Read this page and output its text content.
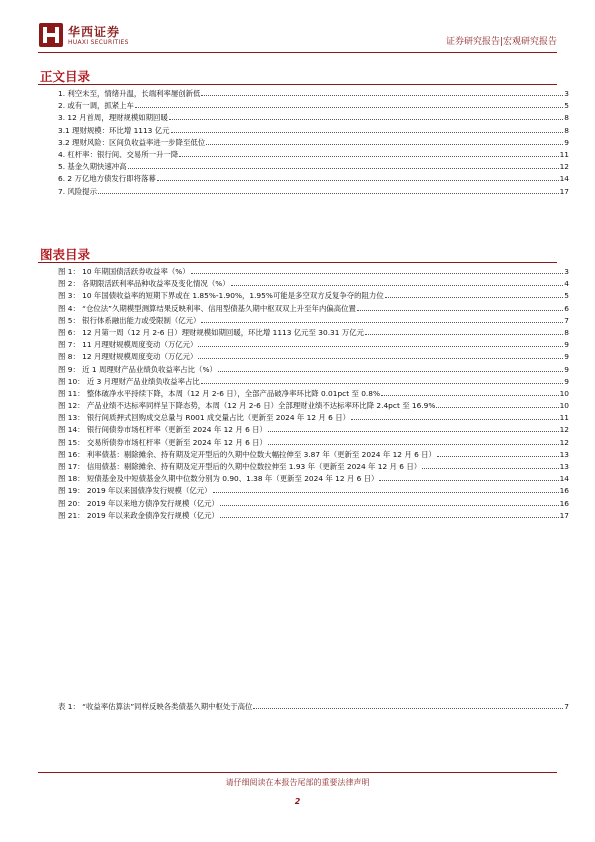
华西证券
HUAXI SECURITIES	证券研究报告|宏观研究报告
正文目录
1. 利空未至，情绪升温，长端利率屡创新低	3
2. 或有一调，抓紧上车	5
3. 12 月首周，理财规模如期回暖	8
3.1 理财规模：环比增 1113 亿元	8
3.2 理财风险：区间负收益率进一步降至低位	9
4. 杠杆率：银行间、交易所一升一降	11
5. 基金久期快速冲高	12
6. 2 万亿地方债发行即将落幕	14
7. 风险提示	17
图表目录
图 1： 10 年期国债活跃券收益率（%）	3
图 2： 各期限活跃利率品种收益率及变化情况（%）	4
图 3： 10 年国债收益率的短期下界或在 1.85%-1.90%，1.95%可能是多空双方反复争夺的阻力位	5
图 4： “仓位法”久期模型测算结果反映利率、信用型债基久期中枢双双上升至年内偏高位置	6
图 5： 银行体系融出能力或受限制（亿元）	7
图 6： 12 月第一周（12 月 2-6 日）理财规模如期回暖，环比增 1113 亿元至 30.31 万亿元	8
图 7： 11 月理财规模周度变动（万亿元）	9
图 8： 12 月理财规模周度变动（万亿元）	9
图 9： 近 1 周理财产品业绩负收益率占比（%）	9
图 10： 近 3 月理财产品业绩负收益率占比	9
图 11： 整体破净水平持续下降，本周（12 月 2-6 日），全部产品破净率环比降 0.01pct 至 0.8%	10
图 12： 产品业绩不达标率同样呈下降态势，本周（12 月 2-6 日）全部理财业绩不达标率环比降 2.4pct 至 16.9%	10
图 13： 银行间质押式回购成交总量与 R001 成交量占比（更新至 2024 年 12 月 6 日）	11
图 14： 银行间债券市场杠杆率（更新至 2024 年 12 月 6 日）	12
图 15： 交易所债券市场杠杆率（更新至 2024 年 12 月 6 日）	12
图 16： 利率债基：剔除摊余、持有期及定开型后的久期中位数大幅拉伸至 3.87 年（更新至 2024 年 12 月 6 日）	13
图 17： 信用债基：剔除摊余、持有期及定开型后的久期中位数拉伸至 1.93 年（更新至 2024 年 12 月 6 日）	13
图 18： 短债基金及中短债基金久期中位数分别为 0.90、1.38 年（更新至 2024 年 12 月 6 日）	14
图 19： 2019 年以来国债净发行规模（亿元）	16
图 20： 2019 年以来地方债净发行规模（亿元）	16
图 21： 2019 年以来政金债净发行规模（亿元）	17
表 1： “收益率估算法”同样反映各类债基久期中枢处于高位	7
请仔细阅读在本报告尾部的重要法律声明
2
